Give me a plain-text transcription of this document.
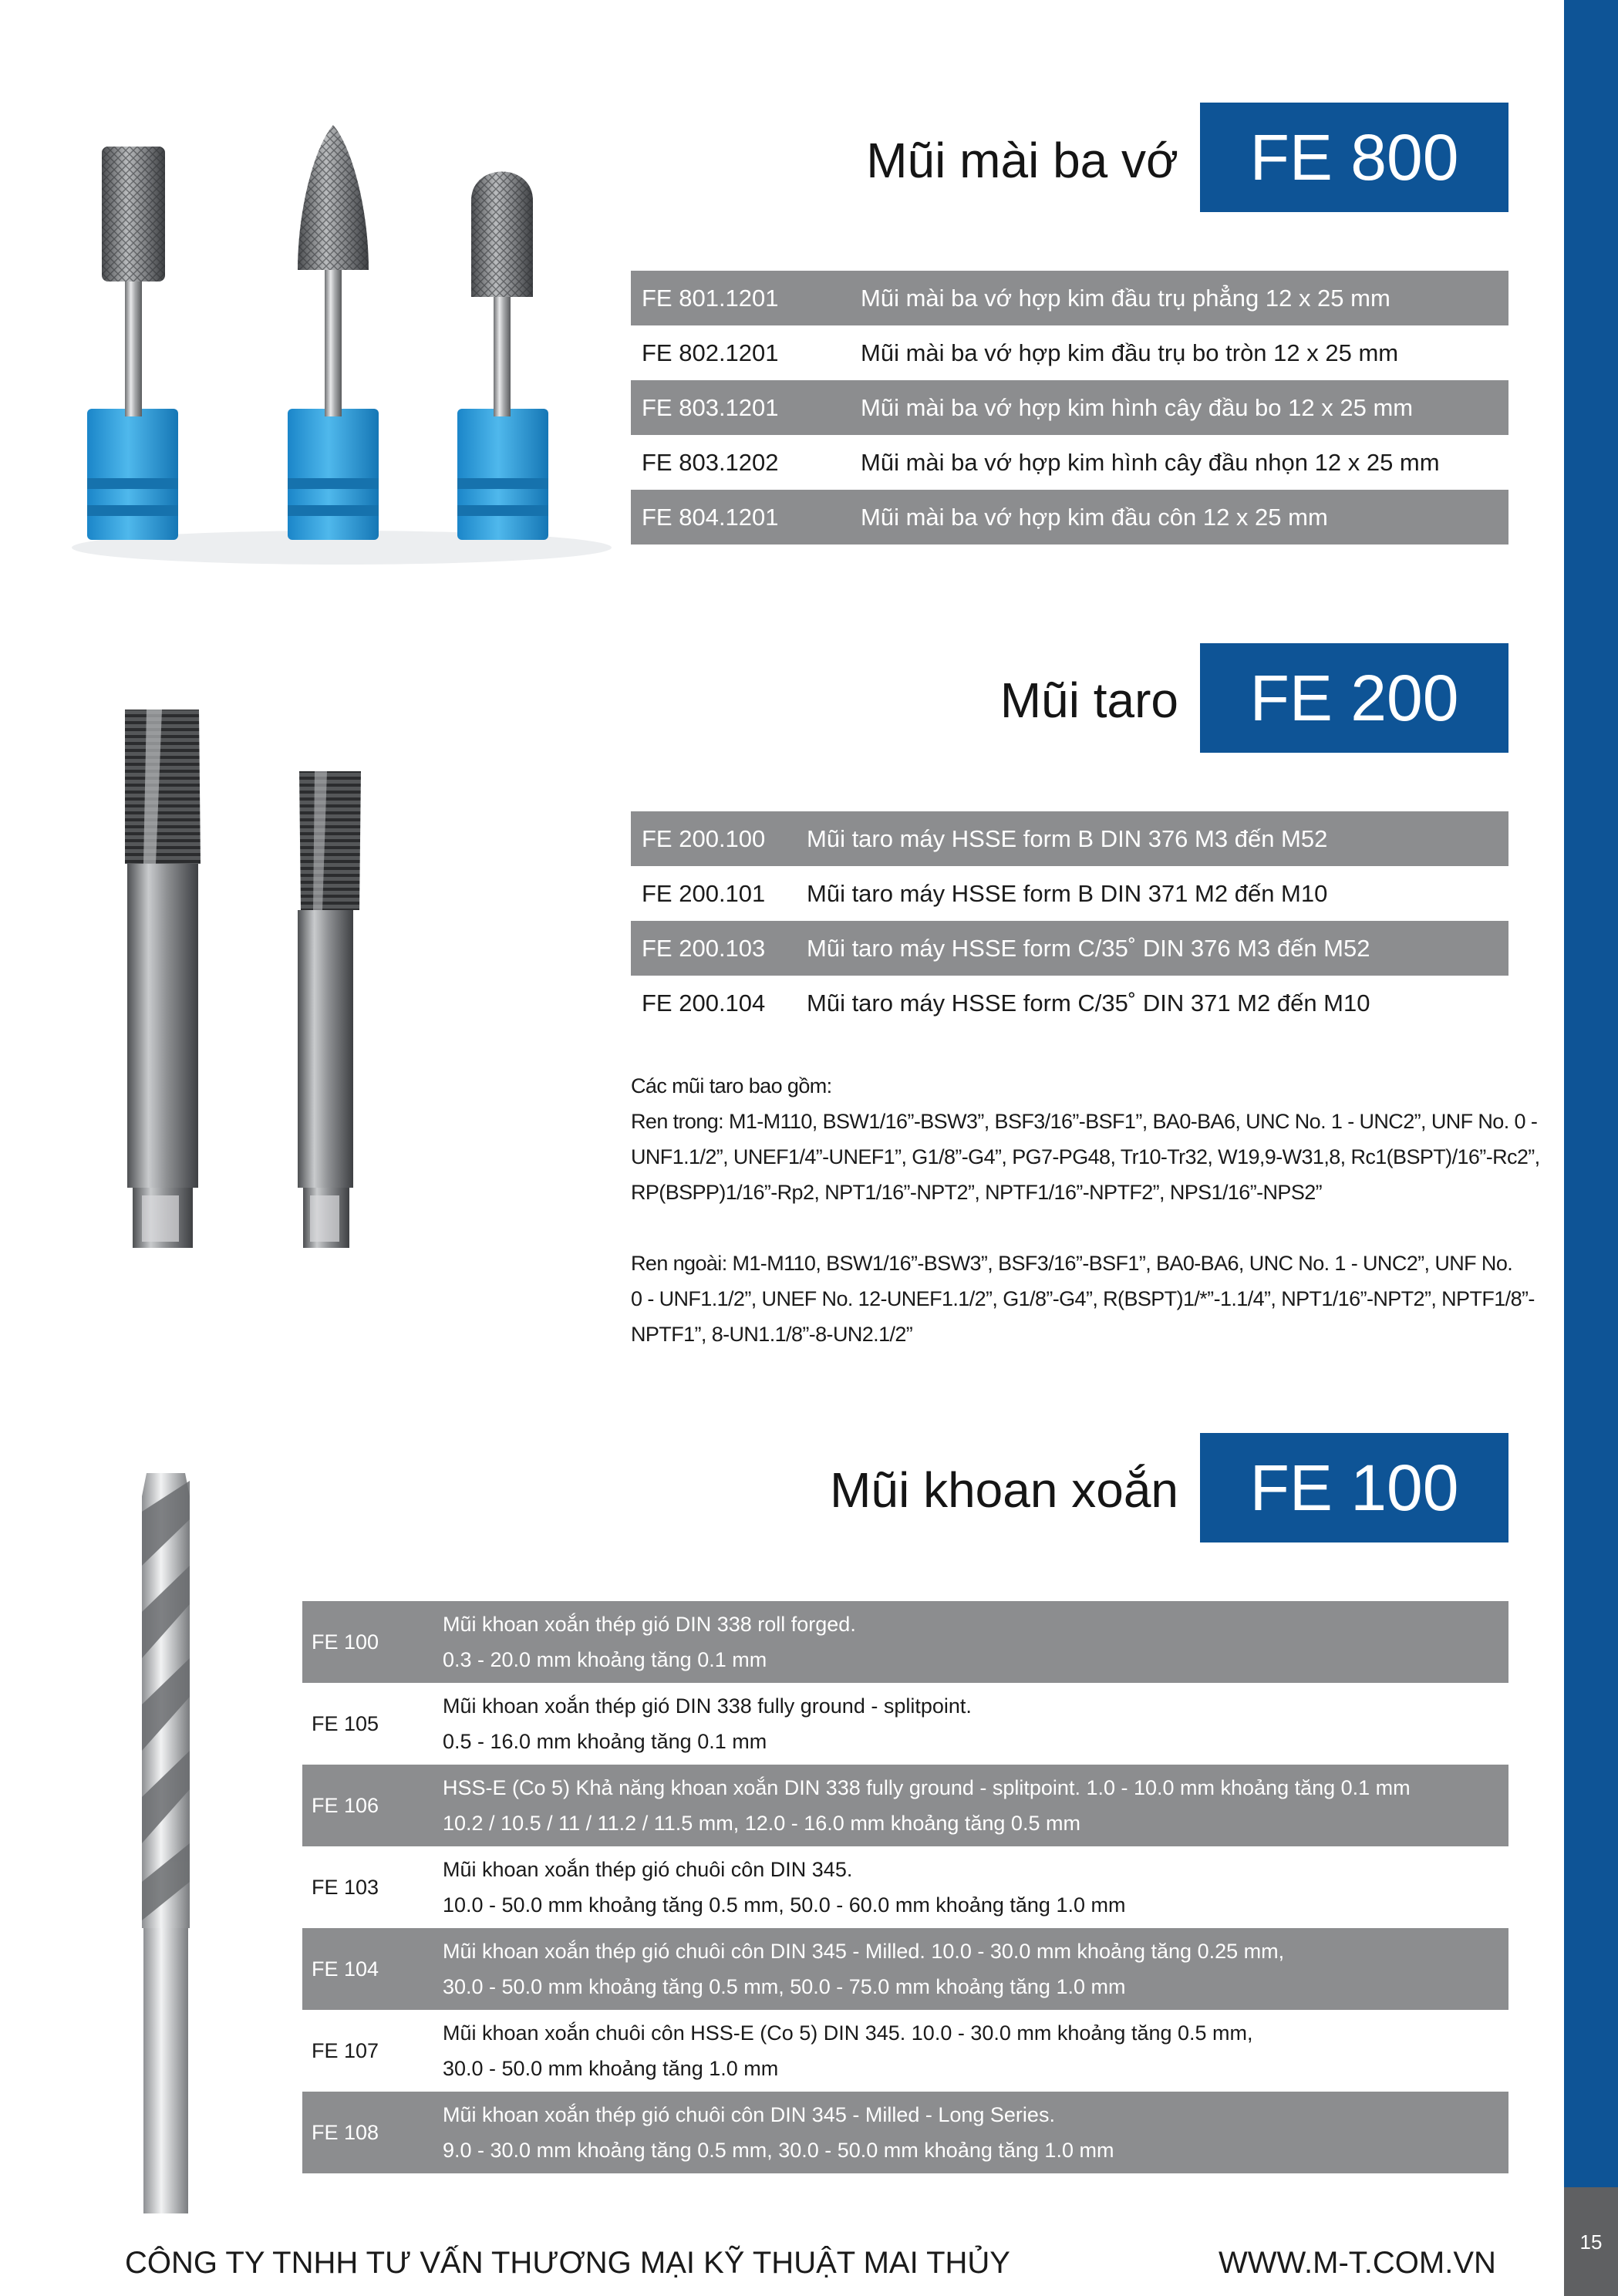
15
Mũi mài ba vớ	FE 800
FE 801.1201	Mũi mài ba vớ hợp kim đầu trụ phẳng 12 x 25 mm
FE 802.1201	Mũi mài ba vớ hợp kim đầu trụ bo tròn 12 x 25 mm
FE 803.1201	Mũi mài ba vớ hợp kim hình cây đầu bo 12 x 25 mm
FE 803.1202	Mũi mài ba vớ hợp kim hình cây đầu nhọn 12 x 25 mm
FE 804.1201	Mũi mài ba vớ hợp kim đầu côn 12 x 25 mm
Mũi taro	FE 200
FE 200.100	Mũi taro máy HSSE form B DIN 376 M3 đến M52
FE 200.101	Mũi taro máy HSSE form B DIN 371 M2 đến M10
FE 200.103	Mũi taro máy HSSE form C/35˚ DIN 376 M3 đến M52
FE 200.104	Mũi taro máy HSSE form C/35˚ DIN 371 M2 đến M10

Các mũi taro bao gồm:

Ren trong: M1-M110, BSW1/16”-BSW3”, BSF3/16”-BSF1”, BA0-BA6, UNC No. 1 - UNC2”, UNF No. 0 -

UNF1.1/2”, UNEF1/4”-UNEF1”, G1/8”-G4”, PG7-PG48, Tr10-Tr32, W19,9-W31,8, Rc1(BSPT)/16”-Rc2”,

RP(BSPP)1/16”-Rp2, NPT1/16”-NPT2”, NPTF1/16”-NPTF2”, NPS1/16”-NPS2”

Ren ngoài: M1-M110, BSW1/16”-BSW3”, BSF3/16”-BSF1”, BA0-BA6, UNC No. 1 - UNC2”, UNF No.

0 - UNF1.1/2”, UNEF No. 12-UNEF1.1/2”, G1/8”-G4”, R(BSPT)1/*”-1.1/4”, NPT1/16”-NPT2”, NPTF1/8”-

NPTF1”, 8-UN1.1/8”-8-UN2.1/2”

Mũi khoan xoắn	FE 100
FE 100	Mũi khoan xoắn thép gió DIN 338 roll forged.
0.3 - 20.0 mm khoảng tăng 0.1 mm

FE 105	Mũi khoan xoắn thép gió DIN 338 fully ground - splitpoint.
0.5 - 16.0 mm khoảng tăng 0.1 mm

FE 106	HSS-E (Co 5) Khả năng khoan xoắn DIN 338 fully ground - splitpoint. 1.0 - 10.0 mm khoảng tăng 0.1 mm
10.2 / 10.5 / 11 / 11.2 / 11.5 mm, 12.0 - 16.0 mm khoảng tăng 0.5 mm

FE 103	Mũi khoan xoắn thép gió chuôi côn DIN 345.
10.0 - 50.0 mm khoảng tăng 0.5 mm, 50.0 - 60.0 mm khoảng tăng 1.0 mm

FE 104	Mũi khoan xoắn thép gió chuôi côn DIN 345 - Milled. 10.0 - 30.0 mm khoảng tăng 0.25 mm,
30.0 - 50.0 mm khoảng tăng 0.5 mm, 50.0 - 75.0 mm khoảng tăng 1.0 mm

FE 107	Mũi khoan xoắn chuôi côn HSS-E (Co 5) DIN 345. 10.0 - 30.0 mm khoảng tăng 0.5 mm,
30.0 - 50.0 mm khoảng tăng 1.0 mm

FE 108	Mũi khoan xoắn thép gió chuôi côn DIN 345 - Milled - Long Series.
9.0 - 30.0 mm khoảng tăng 0.5 mm, 30.0 - 50.0 mm khoảng tăng 1.0 mm
CÔNG TY TNHH TƯ VẤN THƯƠNG MẠI KỸ THUẬT MAI THỦY	WWW.M-T.COM.VN
